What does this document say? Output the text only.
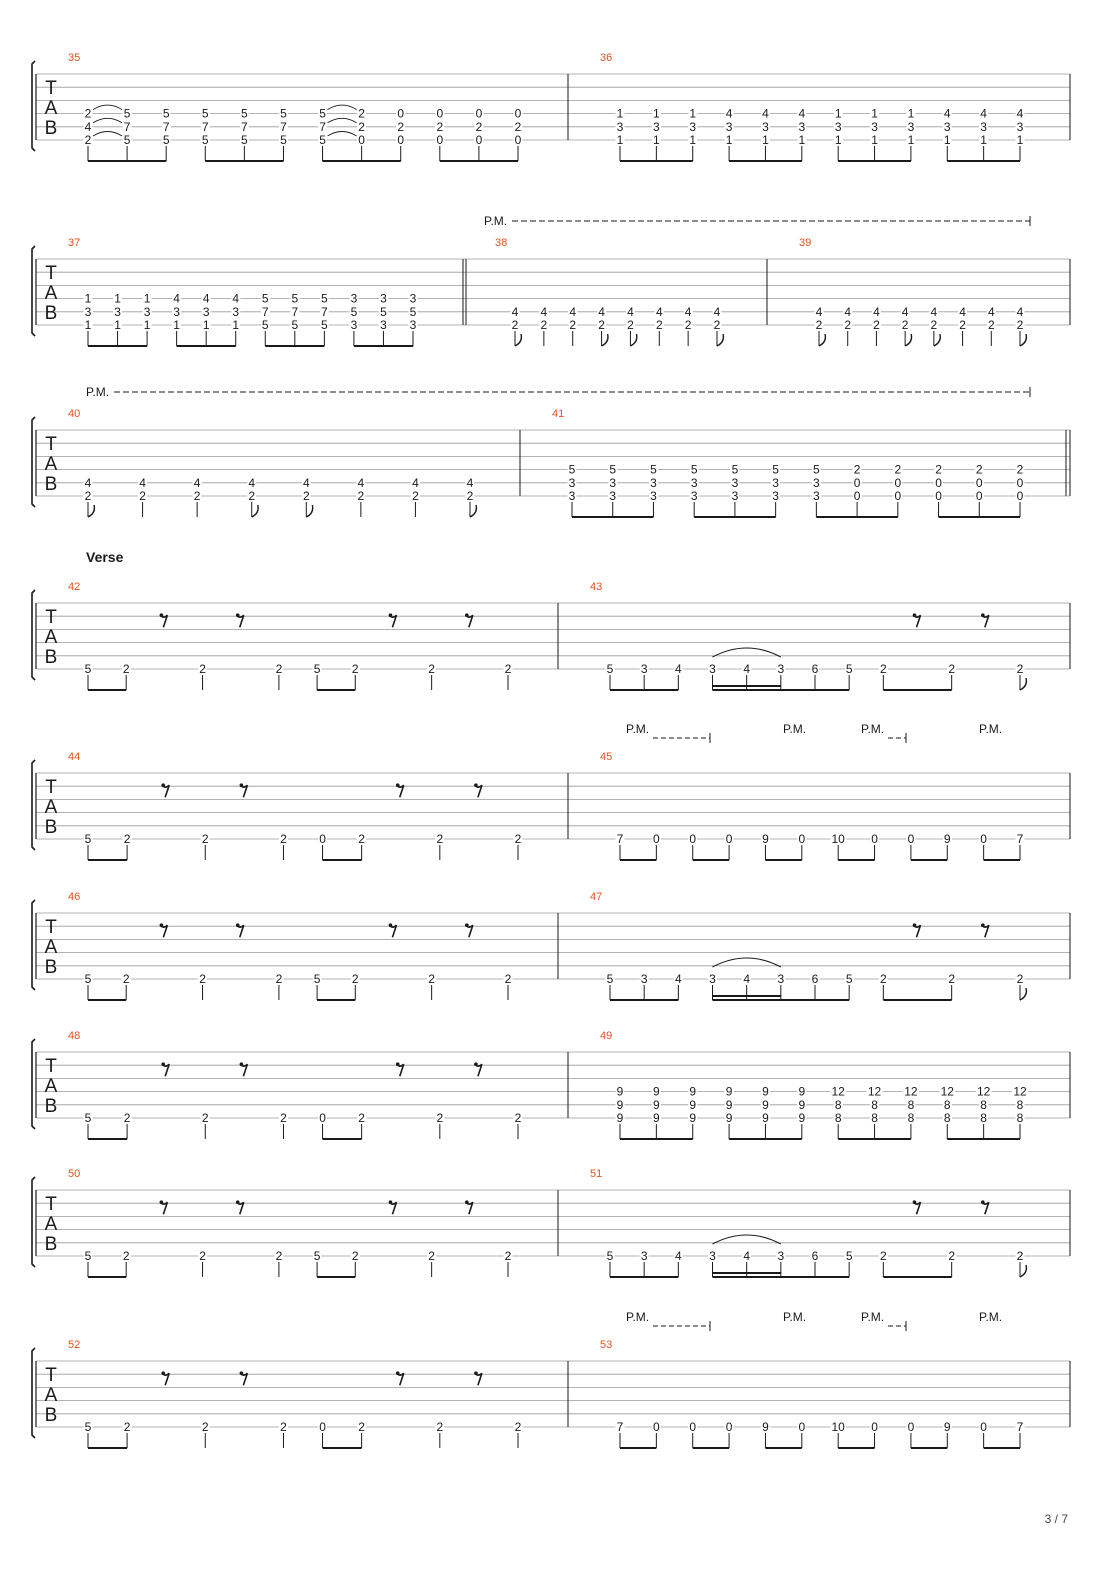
T
A
B
35
2
4
2
5
7
5
5
7
5
5
7
5
5
7
5
5
7
5
5
7
5
2
2
0
0
2
0
0
2
0
0
2
0
0
2
0
36
1
3
1
1
3
1
1
3
1
4
3
1
4
3
1
4
3
1
1
3
1
1
3
1
1
3
1
4
3
1
4
3
1
4
3
1
T
A
B
37
1
3
1
1
3
1
1
3
1
4
3
1
4
3
1
4
3
1
5
7
5
5
7
5
5
7
5
3
5
3
3
5
3
3
5
3
38
4
2
4
2
4
2
4
2
4
2
4
2
4
2
4
2
39
4
2
4
2
4
2
4
2
4
2
4
2
4
2
4
2
P.M.
T
A
B
40
4
2
4
2
4
2
4
2
4
2
4
2
4
2
4
2
41
5
3
3
5
3
3
5
3
3
5
3
3
5
3
3
5
3
3
5
3
3
2
0
0
2
0
0
2
0
0
2
0
0
2
0
0
P.M.
T
A
B
Verse
42
5	2	2	2	5	2	2	2
43
5 3 4 3 4 3 6 5 2	2	2
T
A
B
44
5	2	2	2	0	2	2	2
45
7 0 0 0 9 0 10 0 0 9 0 7
P.M.	P.M.	P.M.	P.M.
T
A
B
46
5	2	2	2	5	2	2	2
47
5 3 4 3 4 3 6 5 2	2	2
T
A
B
48
5	2	2	2	0	2	2	2
49
9
9
9
9
9
9
9
9
9
9
9
9
9
9
9
9
9
9
12
8
8
12
8
8
12
8
8
12
8
8
12
8
8
12
8
8
T
A
B
50
5	2	2	2	5	2	2	2
51
5 3 4 3 4 3 6 5 2	2	2
T
A
B
52
5	2	2	2	0	2	2	2
53
7 0 0 0 9 0 10 0 0 9 0 7
P.M.	P.M.	P.M.	P.M.
3 / 7
